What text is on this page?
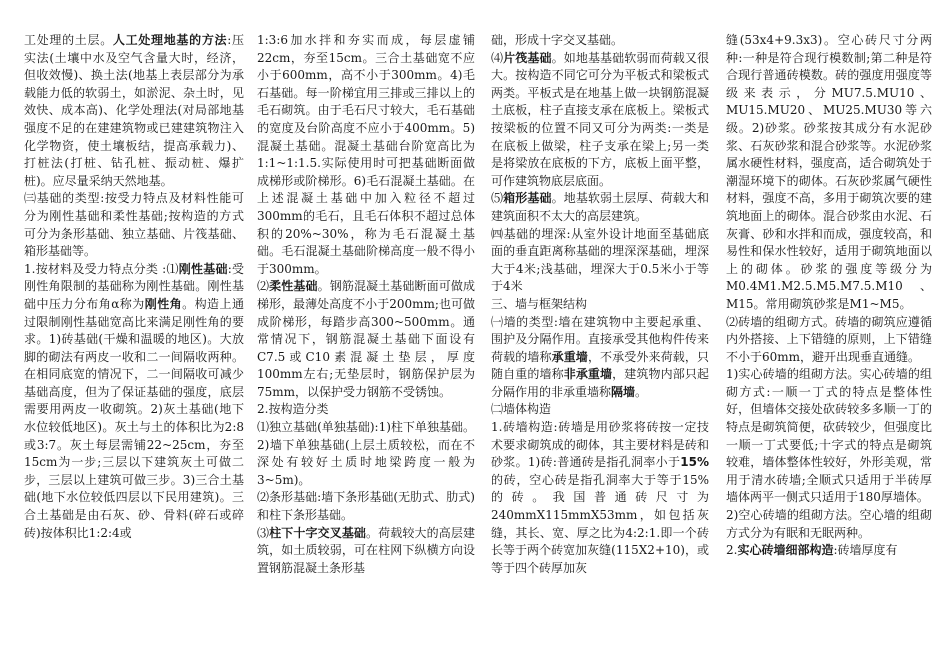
工处理的土层。人工处理地基的方法:压实法(土壤中水及空气含量大时，经济，但收效慢)、换土法(地基上表层部分为承载能力低的软弱土，如淤泥、杂土时，见效快、成本高)、化学处理法(对局部地基强度不足的在建建筑物或已建建筑物注入化学物资，使土壤板结，提高承载力)、打桩法(打桩、钻孔桩、振动桩、爆扩桩)。应尽量采纳天然地基。

㈢基础的类型:按受力特点及材料性能可分为刚性基础和柔性基础;按构造的方式可分为条形基础、独立基础、片筏基础、箱形基础等。

1.按材料及受力特点分类 :⑴刚性基础:受刚性角限制的基础称为刚性基础。刚性基础中压力分布角α称为刚性角。构造上通过限制刚性基础宽高比来满足刚性角的要求。1)砖基础(干燥和温暖的地区)。大放脚的砌法有两皮一收和二一间隔收两种。在相同底宽的情况下，二一间隔收可减少基础高度，但为了保证基础的强度，底层需要用两皮一收砌筑。2)灰土基础(地下水位较低地区)。灰土与土的体积比为2:8或3:7。灰土每层需铺22~25cm，夯至15cm为一步;三层以下建筑灰土可做二步，三层以上建筑可做三步。3)三合土基础(地下水位较低四层以下民用建筑)。三合土基础是由石灰、砂、骨料(碎石或碎砖)按体积比1:2:4或

1:3:6加水拌和夯实而成，每层虚铺22cm，夯至15cm。三合土基础宽不应小于600mm，高不小于300mm。4)毛石基础。每一阶梯宜用三排或三排以上的毛石砌筑。由于毛石尺寸较大，毛石基础的宽度及台阶高度不应小于400mm。5)混凝土基础。混凝土基础台阶宽高比为1:1~1:1.5.实际使用时可把基础断面做成梯形或阶梯形。6)毛石混凝土基础。在上述混凝土基础中加入粒径不超过300mm的毛石，且毛石体积不超过总体积的20%~30%，称为毛石混凝土基础。毛石混凝土基础阶梯高度一般不得小于300mm。

⑵柔性基础。钢筋混凝土基础断面可做成梯形，最薄处高度不小于200mm;也可做成阶梯形，每踏步高300~500mm。通常情况下，钢筋混凝土基础下面设有C7.5或C10素混凝土垫层，厚度100mm左右;无垫层时，钢筋保护层为75mm，以保护受力钢筋不受锈蚀。

2.按构造分类

⑴独立基础(单独基础):1)柱下单独基础。2)墙下单独基础(上层土质较松，而在不深处有较好土质时地梁跨度一般为3~5m)。

⑵条形基础:墙下条形基础(无肋式、肋式)和柱下条形基础。

⑶柱下十字交叉基础。荷载较大的高层建筑，如土质较弱，可在柱网下纵横方向设置钢筋混凝土条形基

础，形成十字交叉基础。

⑷片筏基础。如地基基础软弱而荷载又很大。按构造不同它可分为平板式和梁板式两类。平板式是在地基上做一块钢筋混凝土底板，柱子直接支承在底板上。梁板式按梁板的位置不同又可分为两类:一类是在底板上做梁，柱子支承在梁上;另一类是将梁放在底板的下方，底板上面平整，可作建筑物底层底面。

⑸箱形基础。地基软弱土层厚、荷载大和建筑面积不太大的高层建筑。

㈣基础的埋深:从室外设计地面至基础底面的垂直距离称基础的埋深深基础，埋深大于4米;浅基础，埋深大于0.5米小于等于4米

三、墙与框架结构

㈠墙的类型:墙在建筑物中主要起承重、围护及分隔作用。直接承受其他构件传来荷载的墙称承重墙，不承受外来荷载，只随自重的墙称非承重墙，建筑物内部只起分隔作用的非承重墙称隔墙。

㈡墙体构造

1.砖墙构造:砖墙是用砂浆将砖按一定技术要求砌筑成的砌体，其主要材料是砖和砂浆。1)砖:普通砖是指孔洞率小于15%的砖，空心砖是指孔洞率大于等于15%的砖。我国普通砖尺寸为240mmX115mmX53mm，如包括灰缝，其长、宽、厚之比为4:2:1.即一个砖长等于两个砖宽加灰缝(115X2+10)，或等于四个砖厚加灰

缝(53x4+9.3x3)。空心砖尺寸分两种:一种是符合现行模数制;第二种是符合现行普通砖模数。砖的强度用强度等级来表示，分MU7.5.MU10、MU15.MU20、MU25.MU30等六级。2)砂浆。砂浆按其成分有水泥砂浆、石灰砂浆和混合砂浆等。水泥砂浆属水硬性材料，强度高，适合砌筑处于潮湿环境下的砌体。石灰砂浆属气硬性材料，强度不高，多用于砌筑次要的建筑地面上的砌体。混合砂浆由水泥、石灰膏、砂和水拌和而成，强度较高，和易性和保水性较好，适用于砌筑地面以上的砌体。砂浆的强度等级分为M0.4M1.M2.5.M5.M7.5.M10、M15。常用砌筑砂浆是M1~M5。

⑵砖墙的组砌方式。砖墙的砌筑应遵循内外搭接、上下错缝的原则，上下错缝不小于60mm，避开出现垂直通缝。

1)实心砖墙的组砌方法。实心砖墙的组砌方式:一顺一丁式的特点是整体性好，但墙体交接处砍砖较多多顺一丁的特点是砌筑简便，砍砖较少，但强度比一顺一丁式要低;十字式的特点是砌筑较难，墙体整体性较好，外形美观，常用于清水砖墙;全顺式只适用于半砖厚墙体两平一侧式只适用于180厚墙体。

2)空心砖墙的组砌方法。空心墙的组砌方式分为有眠和无眠两种。

2.实心砖墙细部构造:砖墙厚度有
